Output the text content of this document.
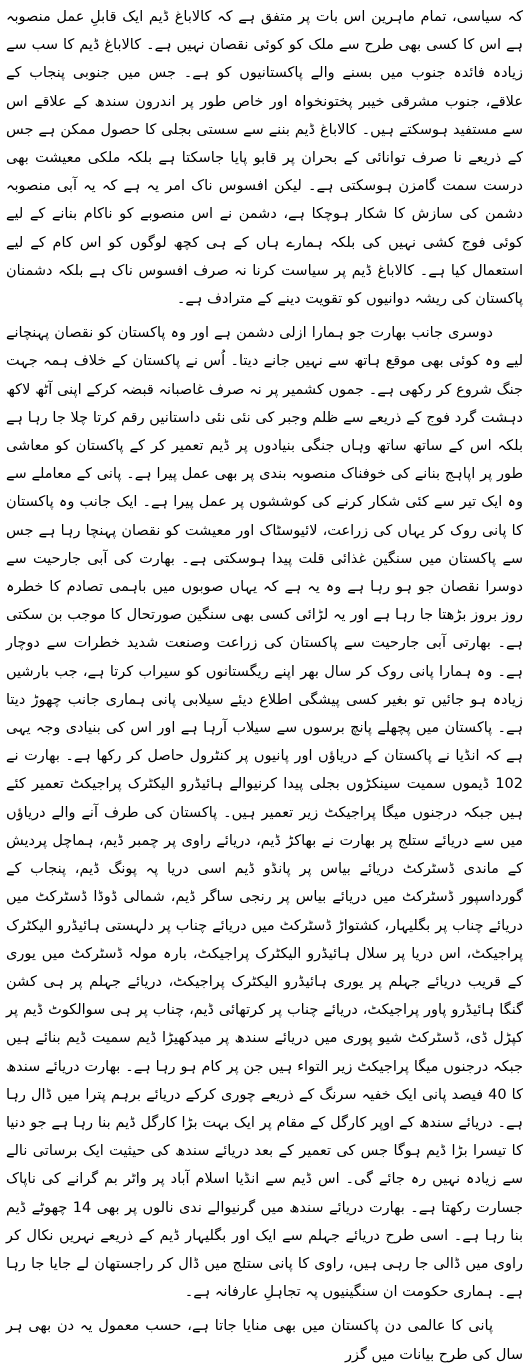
کہ سیاسی، تمام ماہرین اس بات پر متفق ہے کہ کالاباغ ڈیم ایک قابلِ عمل منصوبہ ہے اس کا کسی بھی طرح سے ملک کو کوئی نقصان نہیں ہے۔ کالاباغ ڈیم کا سب سے زیادہ فائدہ جنوب میں بسنے والے پاکستانیوں کو ہے۔ جس میں جنوبی پنجاب کے علاقے، جنوب مشرقی خیبر پختونخواہ اور خاص طور پر اندرون سندھ کے علاقے اس سے مستفید ہوسکتے ہیں۔ کالاباغ ڈیم بننے سے سستی بجلی کا حصول ممکن ہے جس کے ذریعے نا صرف توانائی کے بحران پر قابو پایا جاسکتا ہے بلکہ ملکی معیشت بھی درست سمت گامزن ہوسکتی ہے۔ لیکن افسوس ناک امر یہ ہے کہ یہ آبی منصوبہ دشمن کی سازش کا شکار ہوچکا ہے، دشمن نے اس منصوبے کو ناکام بنانے کے لیے کوئی فوج کشی نہیں کی بلکہ ہمارے ہاں کے ہی کچھ لوگوں کو اس کام کے لیے استعمال کیا ہے۔ کالاباغ ڈیم پر سیاست کرنا نہ صرف افسوس ناک ہے بلکہ دشمنان پاکستان کی ریشہ دوانیوں کو تقویت دینے کے مترادف ہے۔

دوسری جانب بھارت جو ہمارا ازلی دشمن ہے اور وہ پاکستان کو نقصان پہنچانے لیے وہ کوئی بھی موقع ہاتھ سے نہیں جانے دیتا۔ اُس نے پاکستان کے خلاف ہمہ جہت جنگ شروع کر رکھی ہے۔ جموں کشمیر پر نہ صرف غاصبانہ قبضہ کرکے اپنی آٹھ لاکھ دہشت گرد فوج کے ذریعے سے ظلم وجبر کی نئی نئی داستانیں رقم کرتا چلا جا رہا ہے بلکہ اس کے ساتھ ساتھ وہاں جنگی بنیادوں پر ڈیم تعمیر کر کے پاکستان کو معاشی طور پر اپاہج بنانے کی خوفناک منصوبہ بندی پر بھی عمل پیرا ہے۔ پانی کے معاملے سے وہ ایک تیر سے کئی شکار کرنے کی کوششوں پر عمل پیرا ہے۔ ایک جانب وہ پاکستان کا پانی روک کر یہاں کی زراعت، لائیوسٹاک اور معیشت کو نقصان پہنچا رہا ہے جس سے پاکستان میں سنگین غذائی قلت پیدا ہوسکتی ہے۔ بھارت کی آبی جارحیت سے دوسرا نقصان جو ہو رہا ہے وہ یہ ہے کہ یہاں صوبوں میں باہمی تصادم کا خطرہ روز بروز بڑھتا جا رہا ہے اور یہ لڑائی کسی بھی سنگین صورتحال کا موجب بن سکتی ہے۔ بھارتی آبی جارحیت سے پاکستان کی زراعت وصنعت شدید خطرات سے دوچار ہے۔ وہ ہمارا پانی روک کر سال بھر اپنے ریگستانوں کو سیراب کرتا ہے، جب بارشیں زیادہ ہو جائیں تو بغیر کسی پیشگی اطلاع دیئے سیلابی پانی ہماری جانب چھوڑ دیتا ہے۔ پاکستان میں پچھلے پانچ برسوں سے سیلاب آرہا ہے اور اس کی بنیادی وجہ یہی ہے کہ انڈیا نے پاکستان کے دریاؤں اور پانیوں پر کنٹرول حاصل کر رکھا ہے۔ بھارت نے 102 ڈیموں سمیت سینکڑوں بجلی پیدا کرنیوالے ہائیڈرو الیکٹرک پراجیکٹ تعمیر کئے ہیں جبکہ درجنوں میگا پراجیکٹ زیر تعمیر ہیں۔ پاکستان کی طرف آنے والے دریاؤں میں سے دریائے ستلج پر بھارت نے بھاکڑ ڈیم، دریائے راوی پر چمبر ڈیم، ہماچل پردیش کے ماندی ڈسٹرکٹ دریائے بیاس پر پانڈو ڈیم اسی دریا پہ پونگ ڈیم، پنجاب کے گورداسپور ڈسٹرکٹ میں دریائے بیاس پر رنجی ساگر ڈیم، شمالی ڈوڈا ڈسٹرکٹ میں دریائے چناب پر بگلیہار، کشتواڑ ڈسٹرکٹ میں دریائے چناب پر دلہستی ہائیڈرو الیکٹرک پراجیکٹ، اس دریا پر سلال ہائیڈرو الیکٹرک پراجیکٹ، بارہ مولہ ڈسٹرکٹ میں یوری کے قریب دریائے جہلم پر یوری ہائیڈرو الیکٹرک پراجیکٹ، دریائے جہلم پر ہی کشن گنگا ہائیڈرو پاور پراجیکٹ، دریائے چناب پر کرتھائی ڈیم، چناب پر ہی سوالکوٹ ڈیم پر کپڑل ڈی، ڈسٹرکٹ شیو پوری میں دریائے سندھ پر میدکھیڑا ڈیم سمیت ڈیم بنائے ہیں جبکہ درجنوں میگا پراجیکٹ زیر التواء ہیں جن پر کام ہو رہا ہے۔ بھارت دریائے سندھ کا 40 فیصد پانی ایک خفیہ سرنگ کے ذریعے چوری کرکے دریائے برہم پترا میں ڈال رہا ہے۔ دریائے سندھ کے اوپر کارگل کے مقام پر ایک بہت بڑا کارگل ڈیم بنا رہا ہے جو دنیا کا تیسرا بڑا ڈیم ہوگا جس کی تعمیر کے بعد دریائے سندھ کی حیثیت ایک برساتی نالے سے زیادہ نہیں رہ جائے گی۔ اس ڈیم سے انڈیا اسلام آباد پر واٹر بم گرانے کی ناپاک جسارت رکھتا ہے۔ بھارت دریائے سندھ میں گرنیوالے ندی نالوں پر بھی 14 چھوٹے ڈیم بنا رہا ہے۔ اسی طرح دریائے جہلم سے ایک اور بگلیہار ڈیم کے ذریعے نہریں نکال کر راوی میں ڈالی جا رہی ہیں، راوی کا پانی ستلج میں ڈال کر راجستھان لے جایا جا رہا ہے۔ ہماری حکومت ان سنگینیوں پہ تجاہلِ عارفانہ ہے۔

پانی کا عالمی دن پاکستان میں بھی منایا جاتا ہے، حسب معمول یہ دن بھی ہر سال کی طرح بیانات میں گزر
